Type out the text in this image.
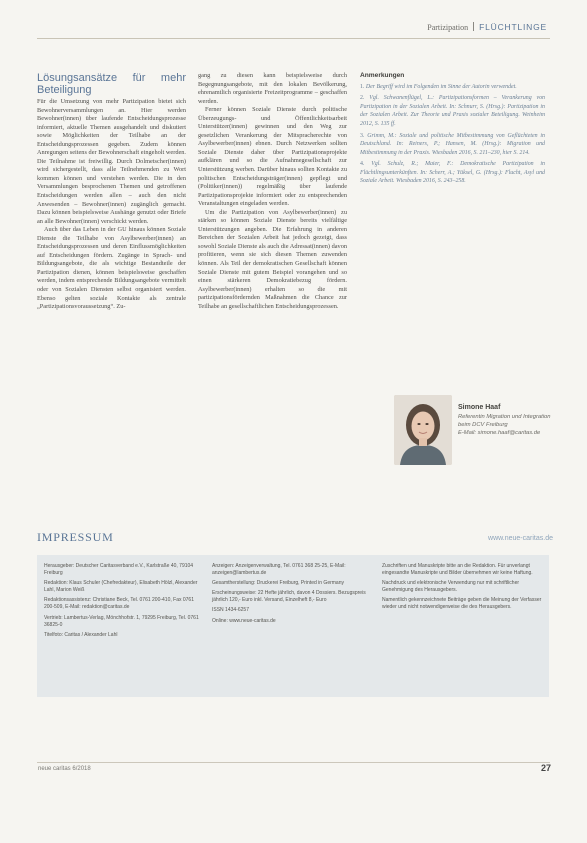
Partizipation FLÜCHTLINGE
Lösungsansätze für mehr Beteiligung

Für die Umsetzung von mehr Partizipation bietet sich Bewohnerversammlungen an. Hier werden Bewohner(innen) über laufende Entscheidungsprozesse informiert, aktuelle Themen ausgehandelt und diskutiert sowie Möglichkeiten der Teilhabe an der Entscheidungsprozessen gegeben. Zudem können Anregungen seitens der Bewohnerschaft eingeholt werden. Die Teilnahme ist freiwillig. Durch Dolmetscher(innen) wird sichergestellt, dass alle Teilnehmenden zu Wort kommen können und verstehen werden. Die in den Versammlungen besprochenen Themen und getroffenen Entscheidungen werden allen – auch den nicht Anwesenden – Bewohner(innen) zugänglich gemacht. Dazu können beispielsweise Aushänge genutzt oder Briefe an alle Bewohner(innen) verschickt werden.

Auch über das Leben in der GU hinaus können Soziale Dienste die Teilhabe von Asylbewerber(innen) an Entscheidungsprozessen und deren Einflussmöglichkeiten auf Entscheidungen fördern. Zugänge in Sprach- und Bildungsangebote, die als wichtige Bestandteile der Partizipation dienen, können beispielsweise geschaffen werden, indem entsprechende Bildungsangebote vermittelt oder von Sozialen Diensten selbst organisiert werden. Ebenso gelten soziale Kontakte als zentrale „Partizipationsvoraussetzung“. Zu-

gang zu diesen kann beispielsweise durch Begegnungsangebote, mit den lokalen Bevölkerung, ehrenamtlich organisierte Freizeitprogramme – geschaffen werden.

Ferner können Soziale Dienste durch politische Überzeugungs- und Öffentlichkeitsarbeit Unterstützer(innen) gewinnen und den Weg zur gesetzlichen Verankerung der Mitspracherechte von Asylbewerber(innen) ebnen. Durch Netzwerken sollten Soziale Dienste daher über Partizipationsprojekte aufklären und so die Aufnahmegesellschaft zur Unterstützung werben. Darüber hinaus sollten Kontakte zu politischen Entscheidungsträger(innen) gepflegt und (Politiker(innen)) regelmäßig über laufende Partizipationsprojekte informiert oder zu entsprechenden Veranstaltungen eingeladen werden.

Um die Partizipation von Asylbewerber(innen) zu stärken so können Soziale Dienste bereits vielfältige Unterstützungen angeben. Die Erfahrung in anderen Bereichen der Sozialen Arbeit hat jedoch gezeigt, dass sowohl Soziale Dienste als auch die Adressat(innen) davon profitieren, wenn sie sich diesen Themen zuwenden können. Als Teil der demokratischen Gesellschaft können Soziale Dienste mit gutem Beispiel vorangehen und so einen stärkeren Demokratiebezug fördern. Asylbewerber(innen) erhalten so die mit partizipationsfördernden Maßnahmen die Chance zur Teilhabe an gesellschaftlichen Entscheidungsprozessen.

Anmerkungen
1. Der Begriff wird im Folgenden im Sinne der Autorin verwendet.
2. Vgl. Schwanenflügel, L.: Partizipationsformen – Verankerung von Partizipation in der Sozialen Arbeit. In: Schnurr, S. (Hrsg.): Partizipation in der Sozialen Arbeit. Zur Theorie und Praxis sozialer Beteiligung. Weinheim 2012, S. 135 ff.
3. Grimm, M.: Soziale und politische Mitbestimmung von Geflüchteten in Deutschland. In: Reiners, P.; Hansen, M. (Hrsg.): Migration und Mitbestimmung in der Praxis. Wiesbaden 2016, S. 211–230, hier S. 214.
4. Vgl. Schulz, R.; Maier, F.: Demokratische Partizipation in Flüchtlingsunterkünften. In: Scherr, A.; Yüksel, G. (Hrsg.): Flucht, Asyl und Soziale Arbeit. Wiesbaden 2016, S. 243–258.
Simone Haaf
Referentin Migration und Integration beim DCV Freiburg
E-Mail: simone.haaf@caritas.de
IMPRESSUM	www.neue-caritas.de

Herausgeber: Deutscher Caritasverband e.V., Karlstraße 40, 79104 Freiburg

Redaktion: Klaus Schuler (Chefredakteur), Elisabeth Hölzl, Alexander Lahl, Marion Weiß

Redaktionsassistenz: Christiane Beck, Tel. 0761 200-410, Fax 0761 200-509, E-Mail: redaktion@caritas.de

Vertrieb: Lambertus-Verlag, Mönchhofstr. 1, 79295 Freiburg, Tel. 0761 36825-0

Titelfoto: Caritas / Alexander Lahl

Anzeigen: Anzeigenverwaltung, Tel. 0761 368 25-25, E-Mail: anzeigen@lambertus.de

Gesamtherstellung: Druckerei Freiburg, Printed in Germany

Erscheinungsweise: 22 Hefte jährlich, davon 4 Dossiers. Bezugspreis jährlich 120,- Euro inkl. Versand, Einzelheft 8,- Euro

ISSN 1434-6257

Online: www.neue-caritas.de

Zuschriften und Manuskripte bitte an die Redaktion. Für unverlangt eingesandte Manuskripte und Bilder übernehmen wir keine Haftung.

Nachdruck und elektronische Verwendung nur mit schriftlicher Genehmigung des Herausgebers.

Namentlich gekennzeichnete Beiträge geben die Meinung der Verfasser wieder und nicht notwendigerweise die des Herausgebers.

neue caritas 6/2018	27
